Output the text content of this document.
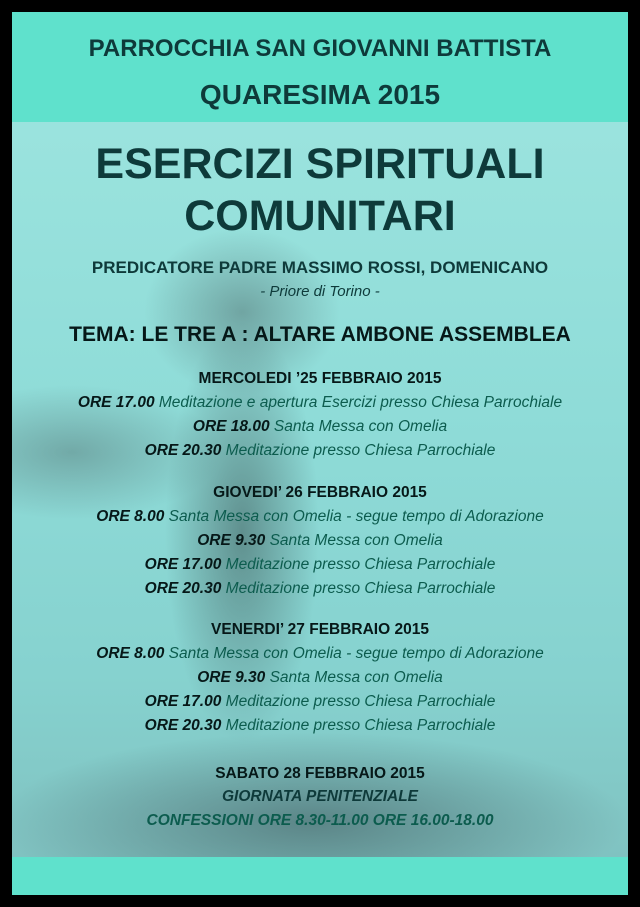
PARROCCHIA SAN GIOVANNI BATTISTA
QUARESIMA 2015
ESERCIZI SPIRITUALI
COMUNITARI
PREDICATORE PADRE MASSIMO ROSSI, DOMENICANO
- Priore di Torino -
TEMA: LE TRE A : ALTARE AMBONE ASSEMBLEA
SABATO 28 FEBBRAIO 2015
GIORNATA PENITENZIALE
CONFESSIONI ORE 8.30-11.00 ORE 16.00-18.00
MERCOLEDI ’25 FEBBRAIO 2015
ORE 17.00 Meditazione e apertura Esercizi presso Chiesa Parrochiale
ORE 18.00 Santa Messa con Omelia
ORE 20.30 Meditazione presso Chiesa Parrochiale
GIOVEDI’ 26 FEBBRAIO 2015
ORE 8.00 Santa Messa con Omelia - segue tempo di Adorazione
ORE 9.30 Santa Messa con Omelia
ORE 17.00 Meditazione presso Chiesa Parrochiale
ORE 20.30 Meditazione presso Chiesa Parrochiale
VENERDI’ 27 FEBBRAIO 2015
ORE 8.00 Santa Messa con Omelia - segue tempo di Adorazione
ORE 9.30 Santa Messa con Omelia
ORE 17.00 Meditazione presso Chiesa Parrochiale
ORE 20.30 Meditazione presso Chiesa Parrochiale
